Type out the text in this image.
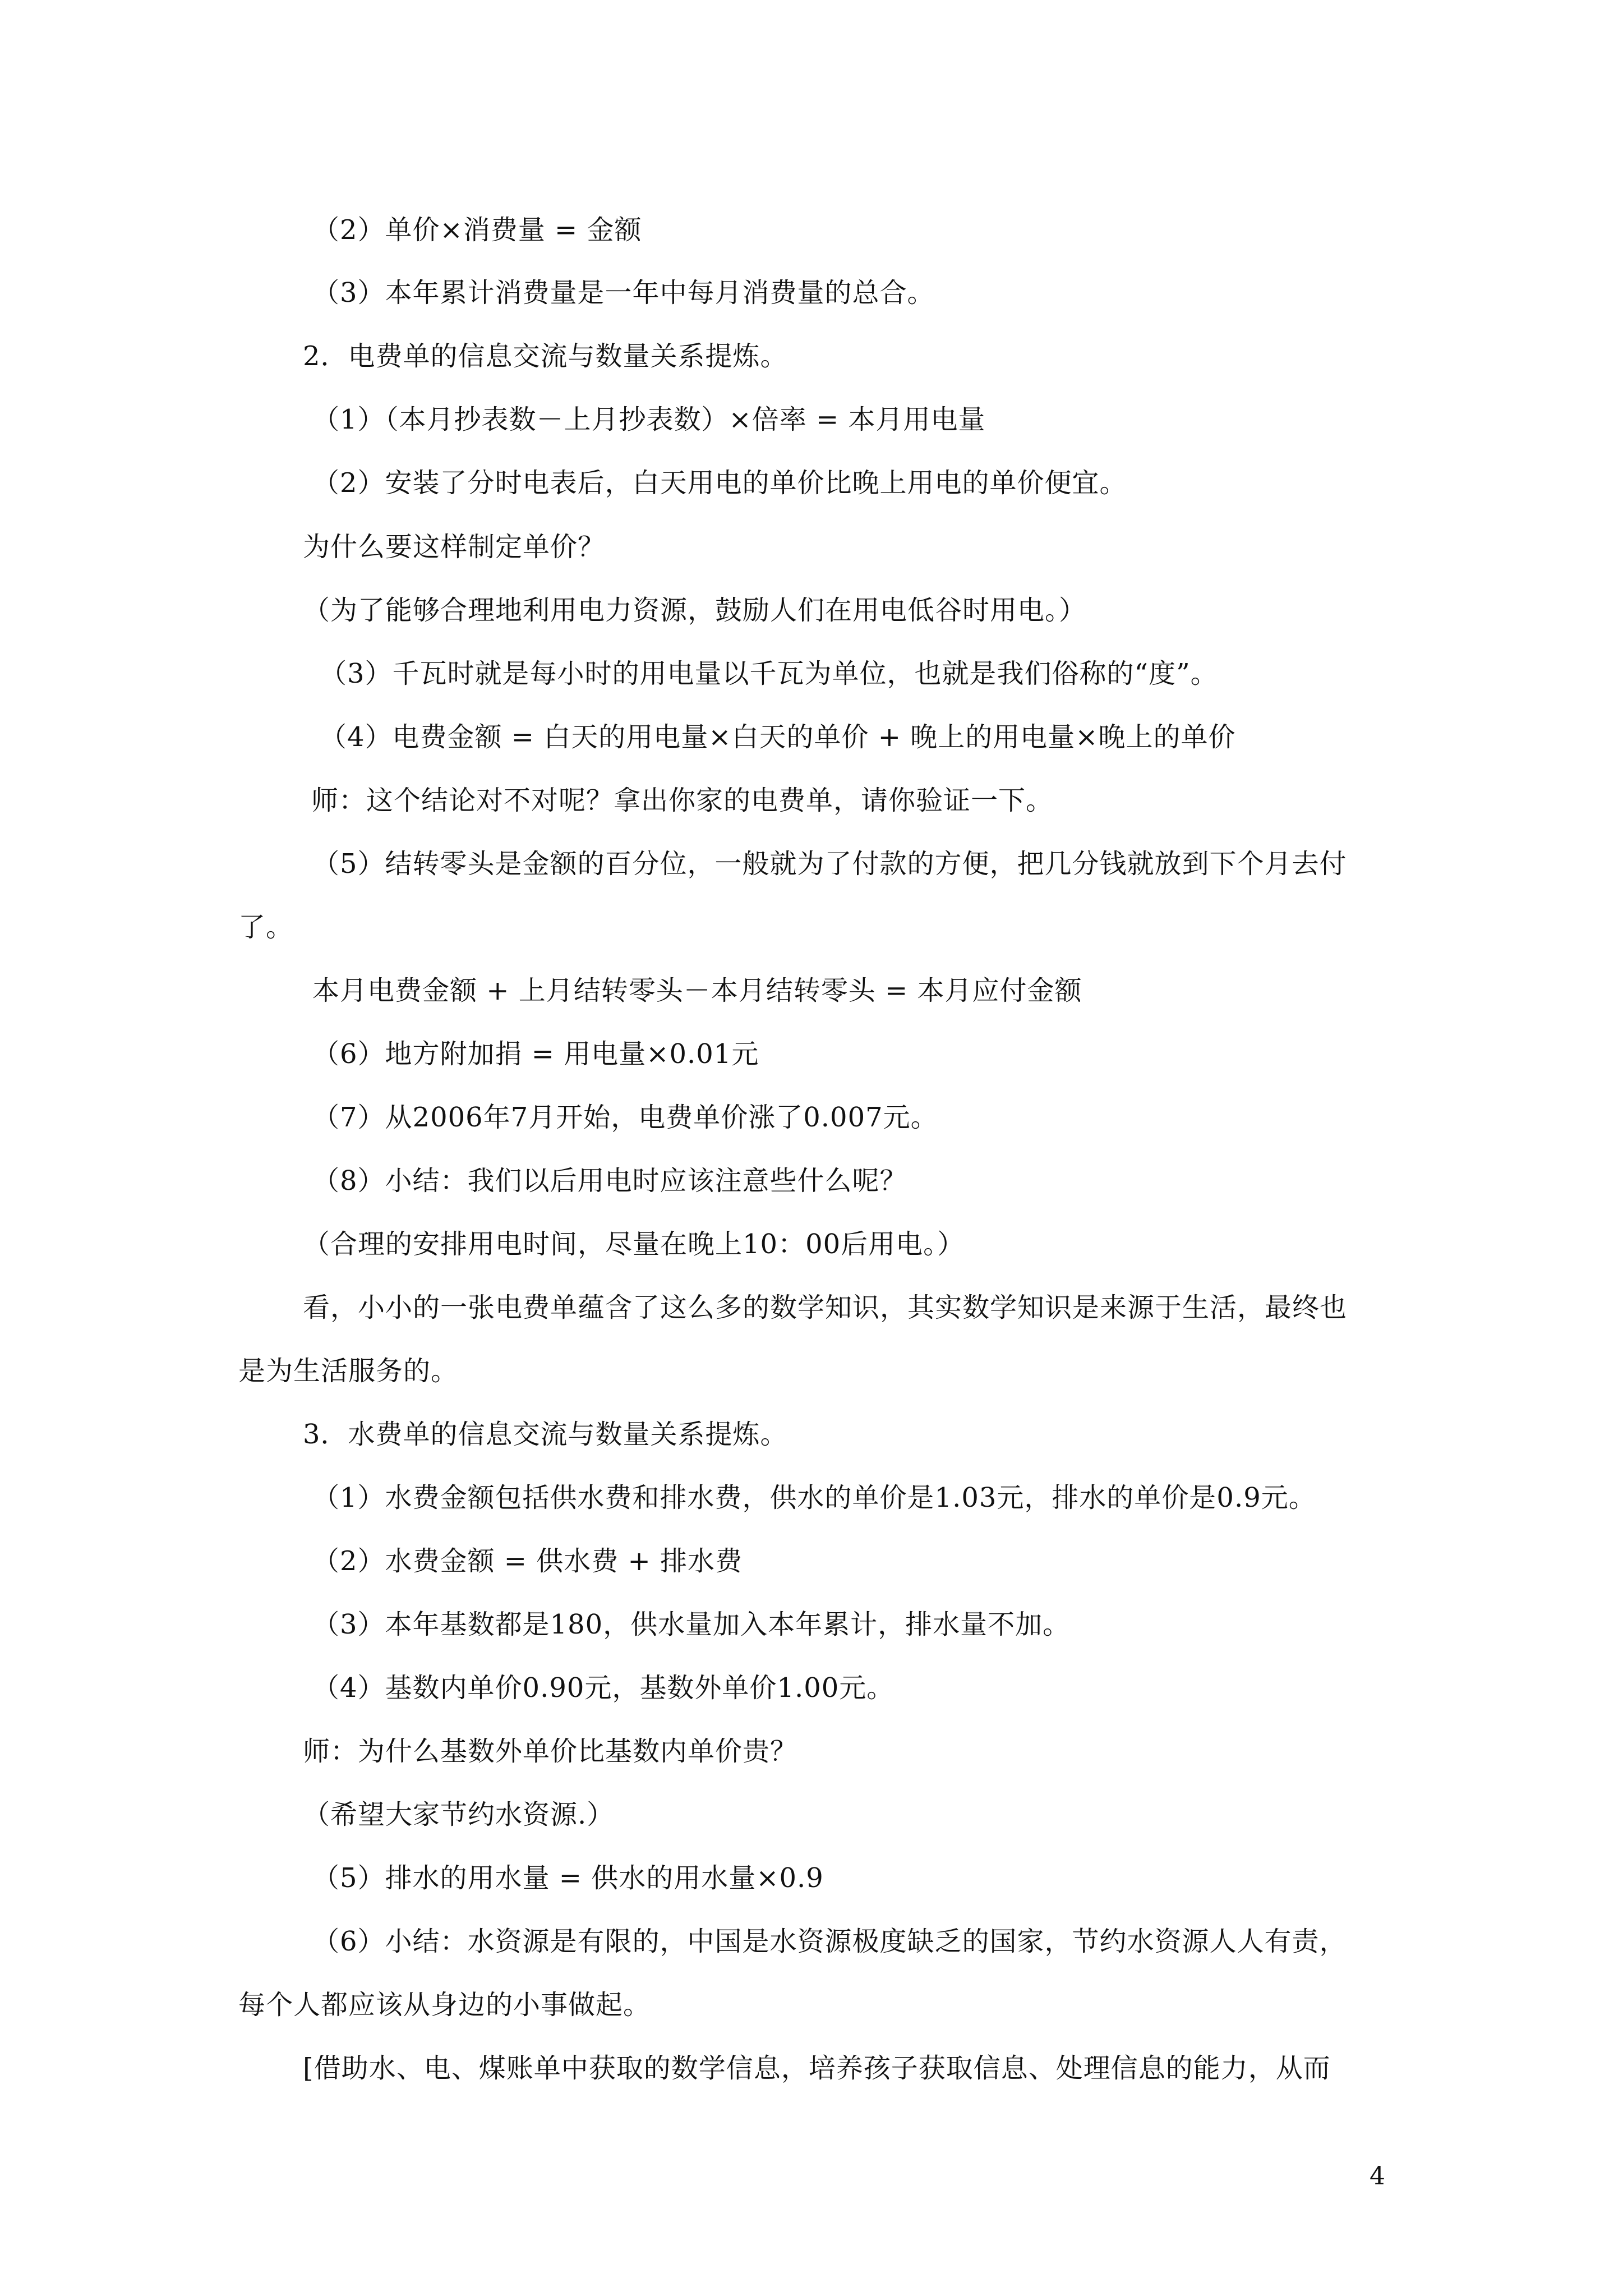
（2）单价×消费量 = 金额
（3）本年累计消费量是一年中每月消费量的总合。
2．电费单的信息交流与数量关系提炼。
（1）（本月抄表数－上月抄表数）×倍率 = 本月用电量
（2）安装了分时电表后，白天用电的单价比晚上用电的单价便宜。
为什么要这样制定单价？
（为了能够合理地利用电力资源，鼓励人们在用电低谷时用电。）
（3）千瓦时就是每小时的用电量以千瓦为单位，也就是我们俗称的“度”。
（4）电费金额 = 白天的用电量×白天的单价 + 晚上的用电量×晚上的单价
师：这个结论对不对呢？拿出你家的电费单，请你验证一下。
（5）结转零头是金额的百分位，一般就为了付款的方便，把几分钱就放到下个月去付
了。
本月电费金额 + 上月结转零头－本月结转零头 = 本月应付金额
（6）地方附加捐 = 用电量×0.01元
（7）从2006年7月开始，电费单价涨了0.007元。
（8）小结：我们以后用电时应该注意些什么呢？
（合理的安排用电时间，尽量在晚上10：00后用电。）
看，小小的一张电费单蕴含了这么多的数学知识，其实数学知识是来源于生活，最终也
是为生活服务的。
3．水费单的信息交流与数量关系提炼。
（1）水费金额包括供水费和排水费，供水的单价是1.03元，排水的单价是0.9元。
（2）水费金额 = 供水费 + 排水费
（3）本年基数都是180，供水量加入本年累计，排水量不加。
（4）基数内单价0.90元，基数外单价1.00元。
师：为什么基数外单价比基数内单价贵？
（希望大家节约水资源.）
（5）排水的用水量 = 供水的用水量×0.9
（6）小结：水资源是有限的，中国是水资源极度缺乏的国家，节约水资源人人有责，
每个人都应该从身边的小事做起。
[借助水、电、煤账单中获取的数学信息，培养孩子获取信息、处理信息的能力，从而
4
